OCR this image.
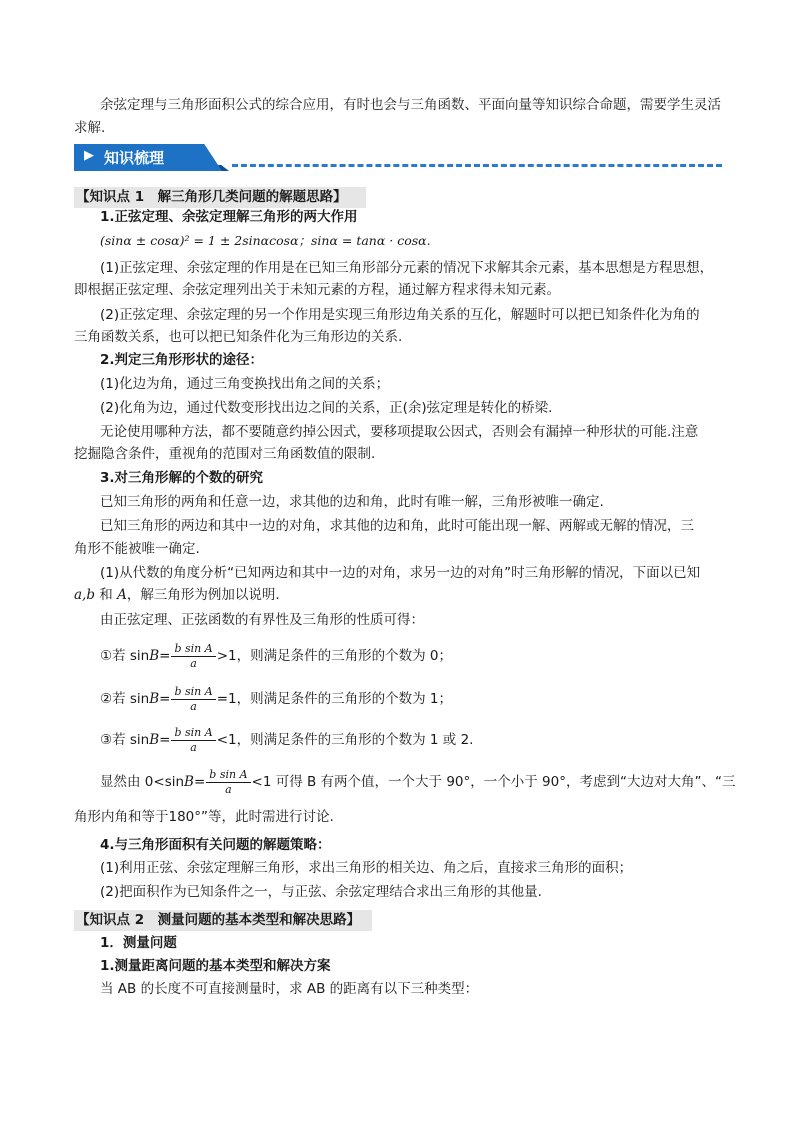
余弦定理与三角形面积公式的综合应用，有时也会与三角函数、平面向量等知识综合命题，需要学生灵活

求解.

▶ 知识梳理
【知识点 1　解三角形几类问题的解题思路】

1.正弦定理、余弦定理解三角形的两大作用

(sinα ± cosα)² = 1 ± 2sinαcosα；sinα = tanα · cosα.

(1)正弦定理、余弦定理的作用是在已知三角形部分元素的情况下求解其余元素，基本思想是方程思想，

即根据正弦定理、余弦定理列出关于未知元素的方程，通过解方程求得未知元素。

(2)正弦定理、余弦定理的另一个作用是实现三角形边角关系的互化，解题时可以把已知条件化为角的

三角函数关系，也可以把已知条件化为三角形边的关系.

2.判定三角形形状的途径：

(1)化边为角，通过三角变换找出角之间的关系；

(2)化角为边，通过代数变形找出边之间的关系，正(余)弦定理是转化的桥梁.

无论使用哪种方法，都不要随意约掉公因式，要移项提取公因式，否则会有漏掉一种形状的可能.注意

挖掘隐含条件，重视角的范围对三角函数值的限制.

3.对三角形解的个数的研究

已知三角形的两角和任意一边，求其他的边和角，此时有唯一解，三角形被唯一确定.

已知三角形的两边和其中一边的对角，求其他的边和角，此时可能出现一解、两解或无解的情况，三

角形不能被唯一确定.

(1)从代数的角度分析“已知两边和其中一边的对角，求另一边的对角”时三角形解的情况，下面以已知

a,b 和 A，解三角形为例加以说明.

由正弦定理、正弦函数的有界性及三角形的性质可得：

①若 $\sin B= \frac{\text{b sin A}}{a} >1$，则满足条件的三角形的个数为 0；

②若 $\sin B= \frac{\text{b sin A}}{a} =1$，则满足条件的三角形的个数为 1；

③若 $\sin B= \frac{\text{b sin A}}{a} <1$，则满足条件的三角形的个数为 1 或 2.

显然由 $0<\sin B= \frac{\text{b sin A}}{a} <1$ 可得 B 有两个值，一个大于 90°，一个小于 90°，考虑到“大边对大角”、“三

角形内角和等于180°”等，此时需进行讨论.

4.与三角形面积有关问题的解题策略：

(1)利用正弦、余弦定理解三角形，求出三角形的相关边、角之后，直接求三角形的面积；

(2)把面积作为已知条件之一，与正弦、余弦定理结合求出三角形的其他量.

【知识点 2　测量问题的基本类型和解决思路】

1．测量问题

1.测量距离问题的基本类型和解决方案

当 AB 的长度不可直接测量时，求 AB 的距离有以下三种类型：
